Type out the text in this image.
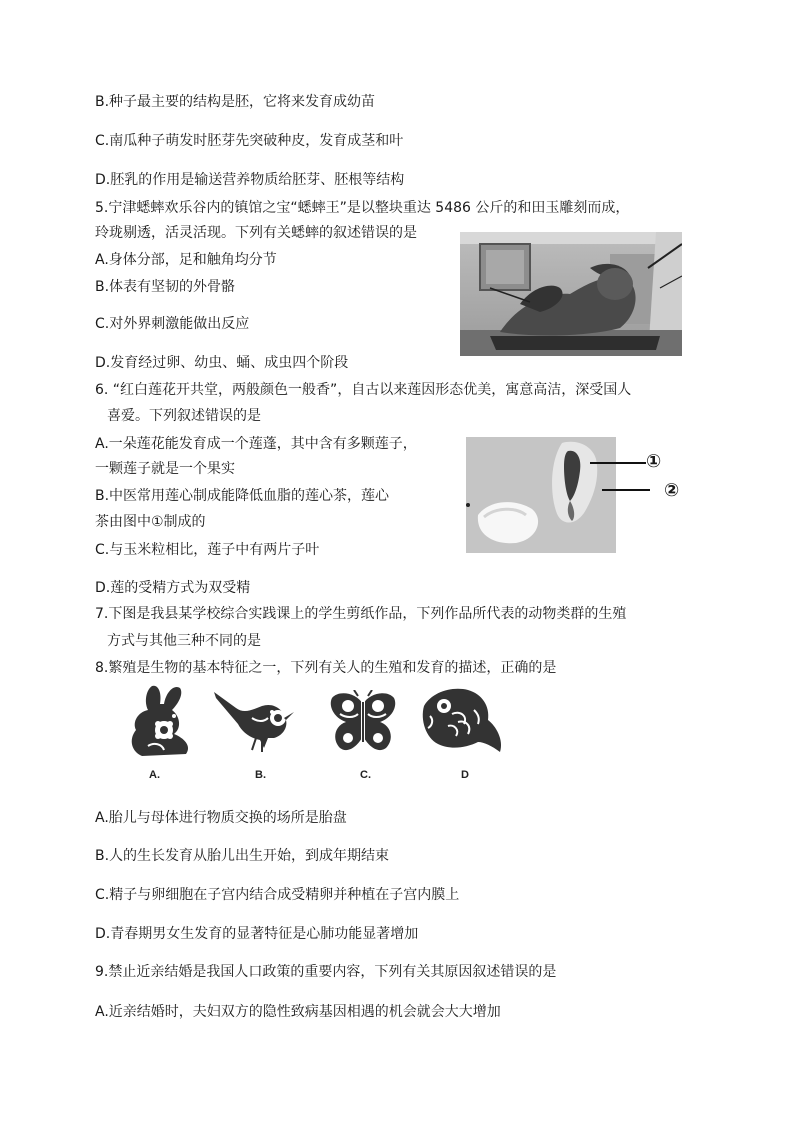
B.种子最主要的结构是胚，它将来发育成幼苗
C.南瓜种子萌发时胚芽先突破种皮，发育成茎和叶
D.胚乳的作用是输送营养物质给胚芽、胚根等结构
5.宁津蟋蟀欢乐谷内的镇馆之宝“蟋蟀王”是以整块重达 5486 公斤的和田玉雕刻而成，
玲珑剔透，活灵活现。下列有关蟋蟀的叙述错误的是
A.身体分部，足和触角均分节
B.体表有坚韧的外骨骼
C.对外界刺激能做出反应
D.发育经过卵、幼虫、蛹、成虫四个阶段
6. “红白莲花开共堂，两般颜色一般香”，自古以来莲因形态优美，寓意高洁，深受国人
喜爱。下列叙述错误的是
A.一朵莲花能发育成一个莲蓬，其中含有多颗莲子，
一颗莲子就是一个果实
B.中医常用莲心制成能降低血脂的莲心茶，莲心
茶由图中①制成的
C.与玉米粒相比，莲子中有两片子叶
D.莲的受精方式为双受精
7.下图是我县某学校综合实践课上的学生剪纸作品，下列作品所代表的动物类群的生殖
方式与其他三种不同的是
8.繁殖是生物的基本特征之一，下列有关人的生殖和发育的描述，正确的是
A.胎儿与母体进行物质交换的场所是胎盘
B.人的生长发育从胎儿出生开始，到成年期结束
C.精子与卵细胞在子宫内结合成受精卵并种植在子宫内膜上
D.青春期男女生发育的显著特征是心肺功能显著增加
9.禁止近亲结婚是我国人口政策的重要内容，下列有关其原因叙述错误的是
A.近亲结婚时，夫妇双方的隐性致病基因相遇的机会就会大大增加
①
②
A.	B.	C.	D
